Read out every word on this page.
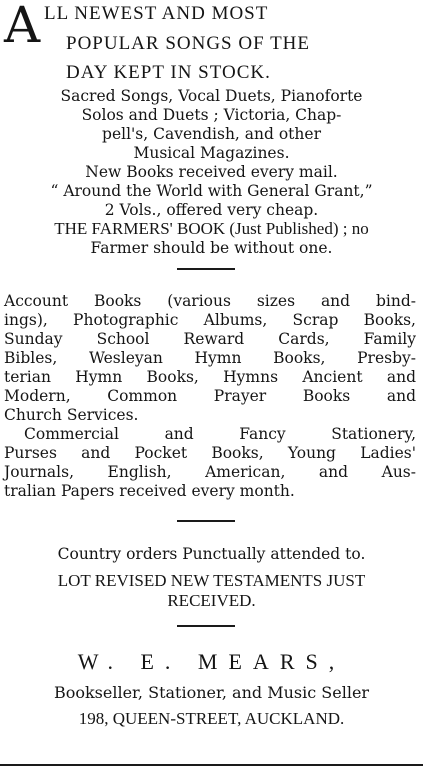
A LL NEWEST AND MOST
POPULAR SONGS OF THE
DAY KEPT IN STOCK.
Sacred Songs, Vocal Duets, Pianoforte
Solos and Duets ; Victoria, Chap-
pell's, Cavendish, and other
Musical Magazines.
New Books received every mail.
“ Around the World with General Grant,”
2 Vols., offered very cheap.
THE FARMERS' BOOK (Just Published) ; no
Farmer should be without one.
Account Books (various sizes and bind-
ings), Photographic Albums, Scrap Books,
Sunday School Reward Cards, Family
Bibles, Wesleyan Hymn Books, Presby-
terian Hymn Books, Hymns Ancient and
Modern, Common Prayer Books and
Church Services.
Commercial and Fancy Stationery,
Purses and Pocket Books, Young Ladies'
Journals, English, American, and Aus-
tralian Papers received every month.
Country orders Punctually attended to.
LOT REVISED NEW TESTAMENTS JUST
RECEIVED.
W. E. MEARS,
Bookseller, Stationer, and Music Seller
198, QUEEN-STREET, AUCKLAND.
